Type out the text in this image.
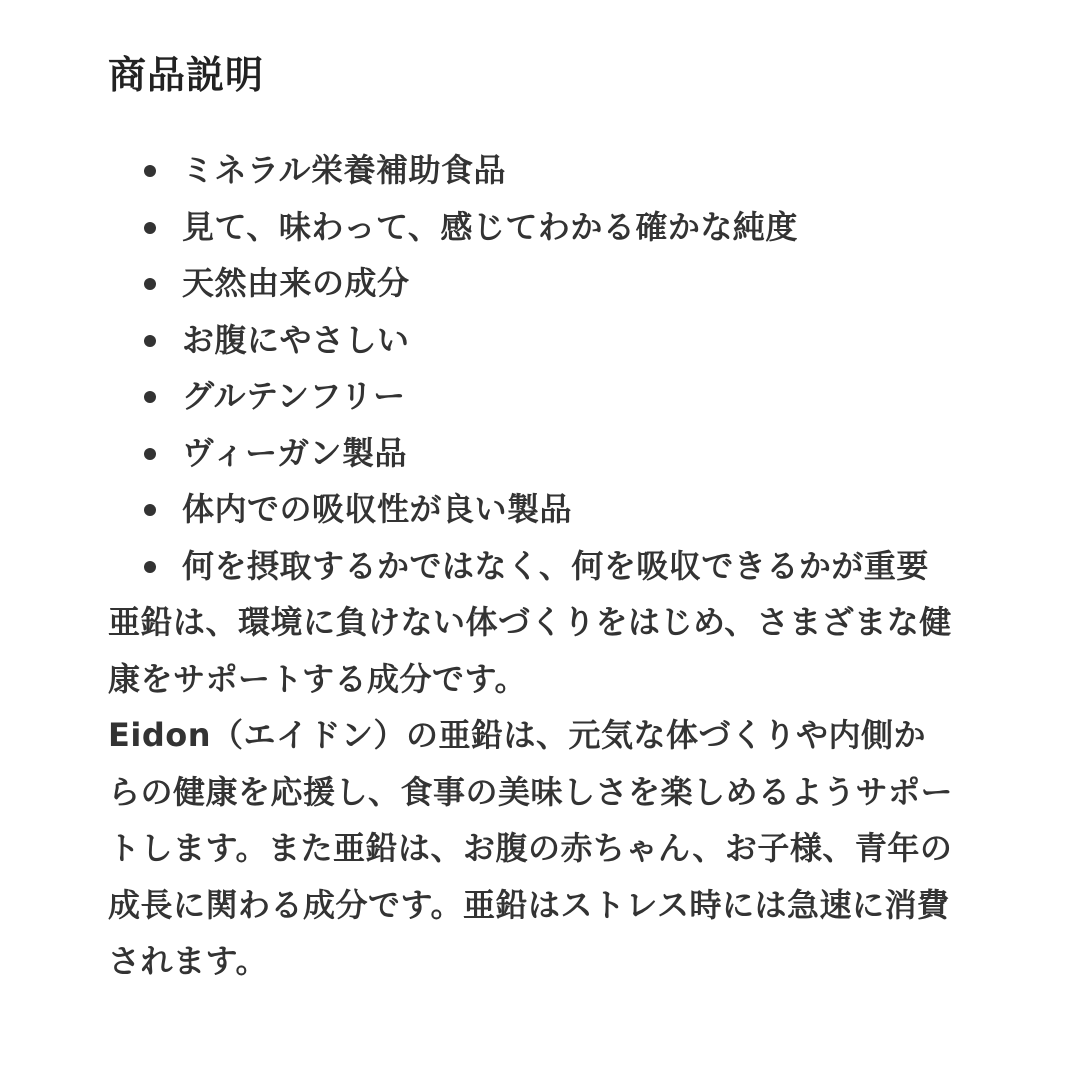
商品説明
ミネラル栄養補助食品
見て、味わって、感じてわかる確かな純度
天然由来の成分
お腹にやさしい
グルテンフリー
ヴィーガン製品
体内での吸収性が良い製品
何を摂取するかではなく、何を吸収できるかが重要

亜鉛は、環境に負けない体づくりをはじめ、さまざまな健康をサポートする成分です。

Eidon（エイドン）の亜鉛は、元気な体づくりや内側からの健康を応援し、食事の美味しさを楽しめるようサポートします。また亜鉛は、お腹の赤ちゃん、お子様、青年の成長に関わる成分です。亜鉛はストレス時には急速に消費されます。
